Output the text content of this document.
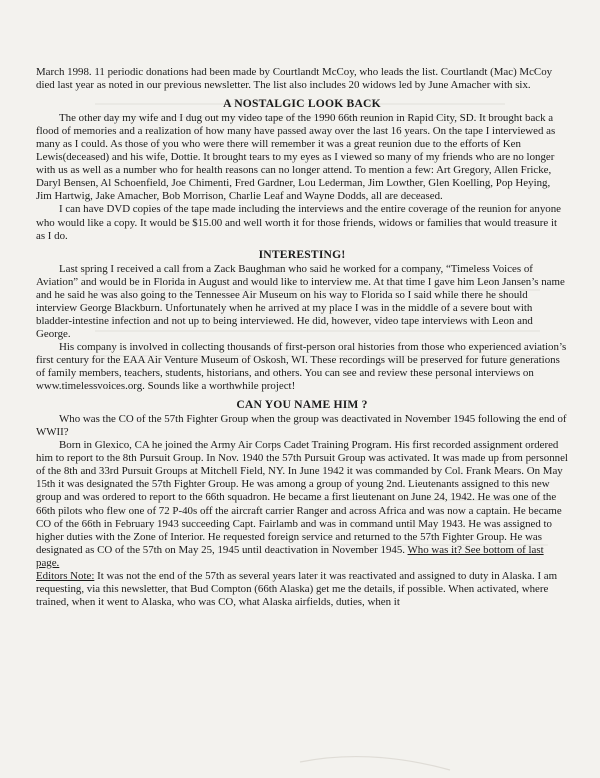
March 1998. 11 periodic donations had been made by Courtlandt McCoy, who leads the list. Courtlandt (Mac) McCoy died last year as noted in our previous newsletter. The list also includes 20 widows led by June Amacher with six.

A NOSTALGIC LOOK BACK

The other day my wife and I dug out my video tape of the 1990 66th reunion in Rapid City, SD. It brought back a flood of memories and a realization of how many have passed away over the last 16 years. On the tape I interviewed as many as I could. As those of you who were there will remember it was a great reunion due to the efforts of Ken Lewis(deceased) and his wife, Dottie. It brought tears to my eyes as I viewed so many of my friends who are no longer with us as well as a number who for health reasons can no longer attend. To mention a few: Art Gregory, Allen Fricke, Daryl Bensen, Al Schoenfield, Joe Chimenti, Fred Gardner, Lou Lederman, Jim Lowther, Glen Koelling, Pop Heying, Jim Hartwig, Jake Amacher, Bob Morrison, Charlie Leaf and Wayne Dodds, all are deceased.

I can have DVD copies of the tape made including the interviews and the entire coverage of the reunion for anyone who would like a copy. It would be $15.00 and well worth it for those friends, widows or families that would treasure it as I do.

INTERESTING!

Last spring I received a call from a Zack Baughman who said he worked for a company, “Timeless Voices of Aviation” and would be in Florida in August and would like to interview me. At that time I gave him Leon Jansen’s name and he said he was also going to the Tennessee Air Museum on his way to Florida so I said while there he should interview George Blackburn. Unfortunately when he arrived at my place I was in the middle of a severe bout with bladder-intestine infection and not up to being interviewed. He did, however, video tape interviews with Leon and George.

His company is involved in collecting thousands of first-person oral histories from those who experienced aviation’s first century for the EAA Air Venture Museum of Oskosh, WI. These recordings will be preserved for future generations of family members, teachers, students, historians, and others. You can see and review these personal interviews on www.timelessvoices.org. Sounds like a worthwhile project!

CAN YOU NAME HIM ?

Who was the CO of the 57th Fighter Group when the group was deactivated in November 1945 following the end of WWII?

Born in Glexico, CA he joined the Army Air Corps Cadet Training Program. His first recorded assignment ordered him to report to the 8th Pursuit Group. In Nov. 1940 the 57th Pursuit Group was activated. It was made up from personnel of the 8th and 33rd Pursuit Groups at Mitchell Field, NY. In June 1942 it was commanded by Col. Frank Mears. On May 15th it was designated the 57th Fighter Group. He was among a group of young 2nd. Lieutenants assigned to this new group and was ordered to report to the 66th squadron. He became a first lieutenant on June 24, 1942. He was one of the 66th pilots who flew one of 72 P-40s off the aircraft carrier Ranger and across Africa and was now a captain. He became CO of the 66th in February 1943 succeeding Capt. Fairlamb and was in command until May 1943. He was assigned to higher duties with the Zone of Interior. He requested foreign service and returned to the 57th Fighter Group. He was designated as CO of the 57th on May 25, 1945 until deactivation in November 1945. Who was it? See bottom of last page.

Editors Note: It was not the end of the 57th as several years later it was reactivated and assigned to duty in Alaska. I am requesting, via this newsletter, that Bud Compton (66th Alaska) get me the details, if possible. When activated, where trained, when it went to Alaska, who was CO, what Alaska airfields, duties, when it
